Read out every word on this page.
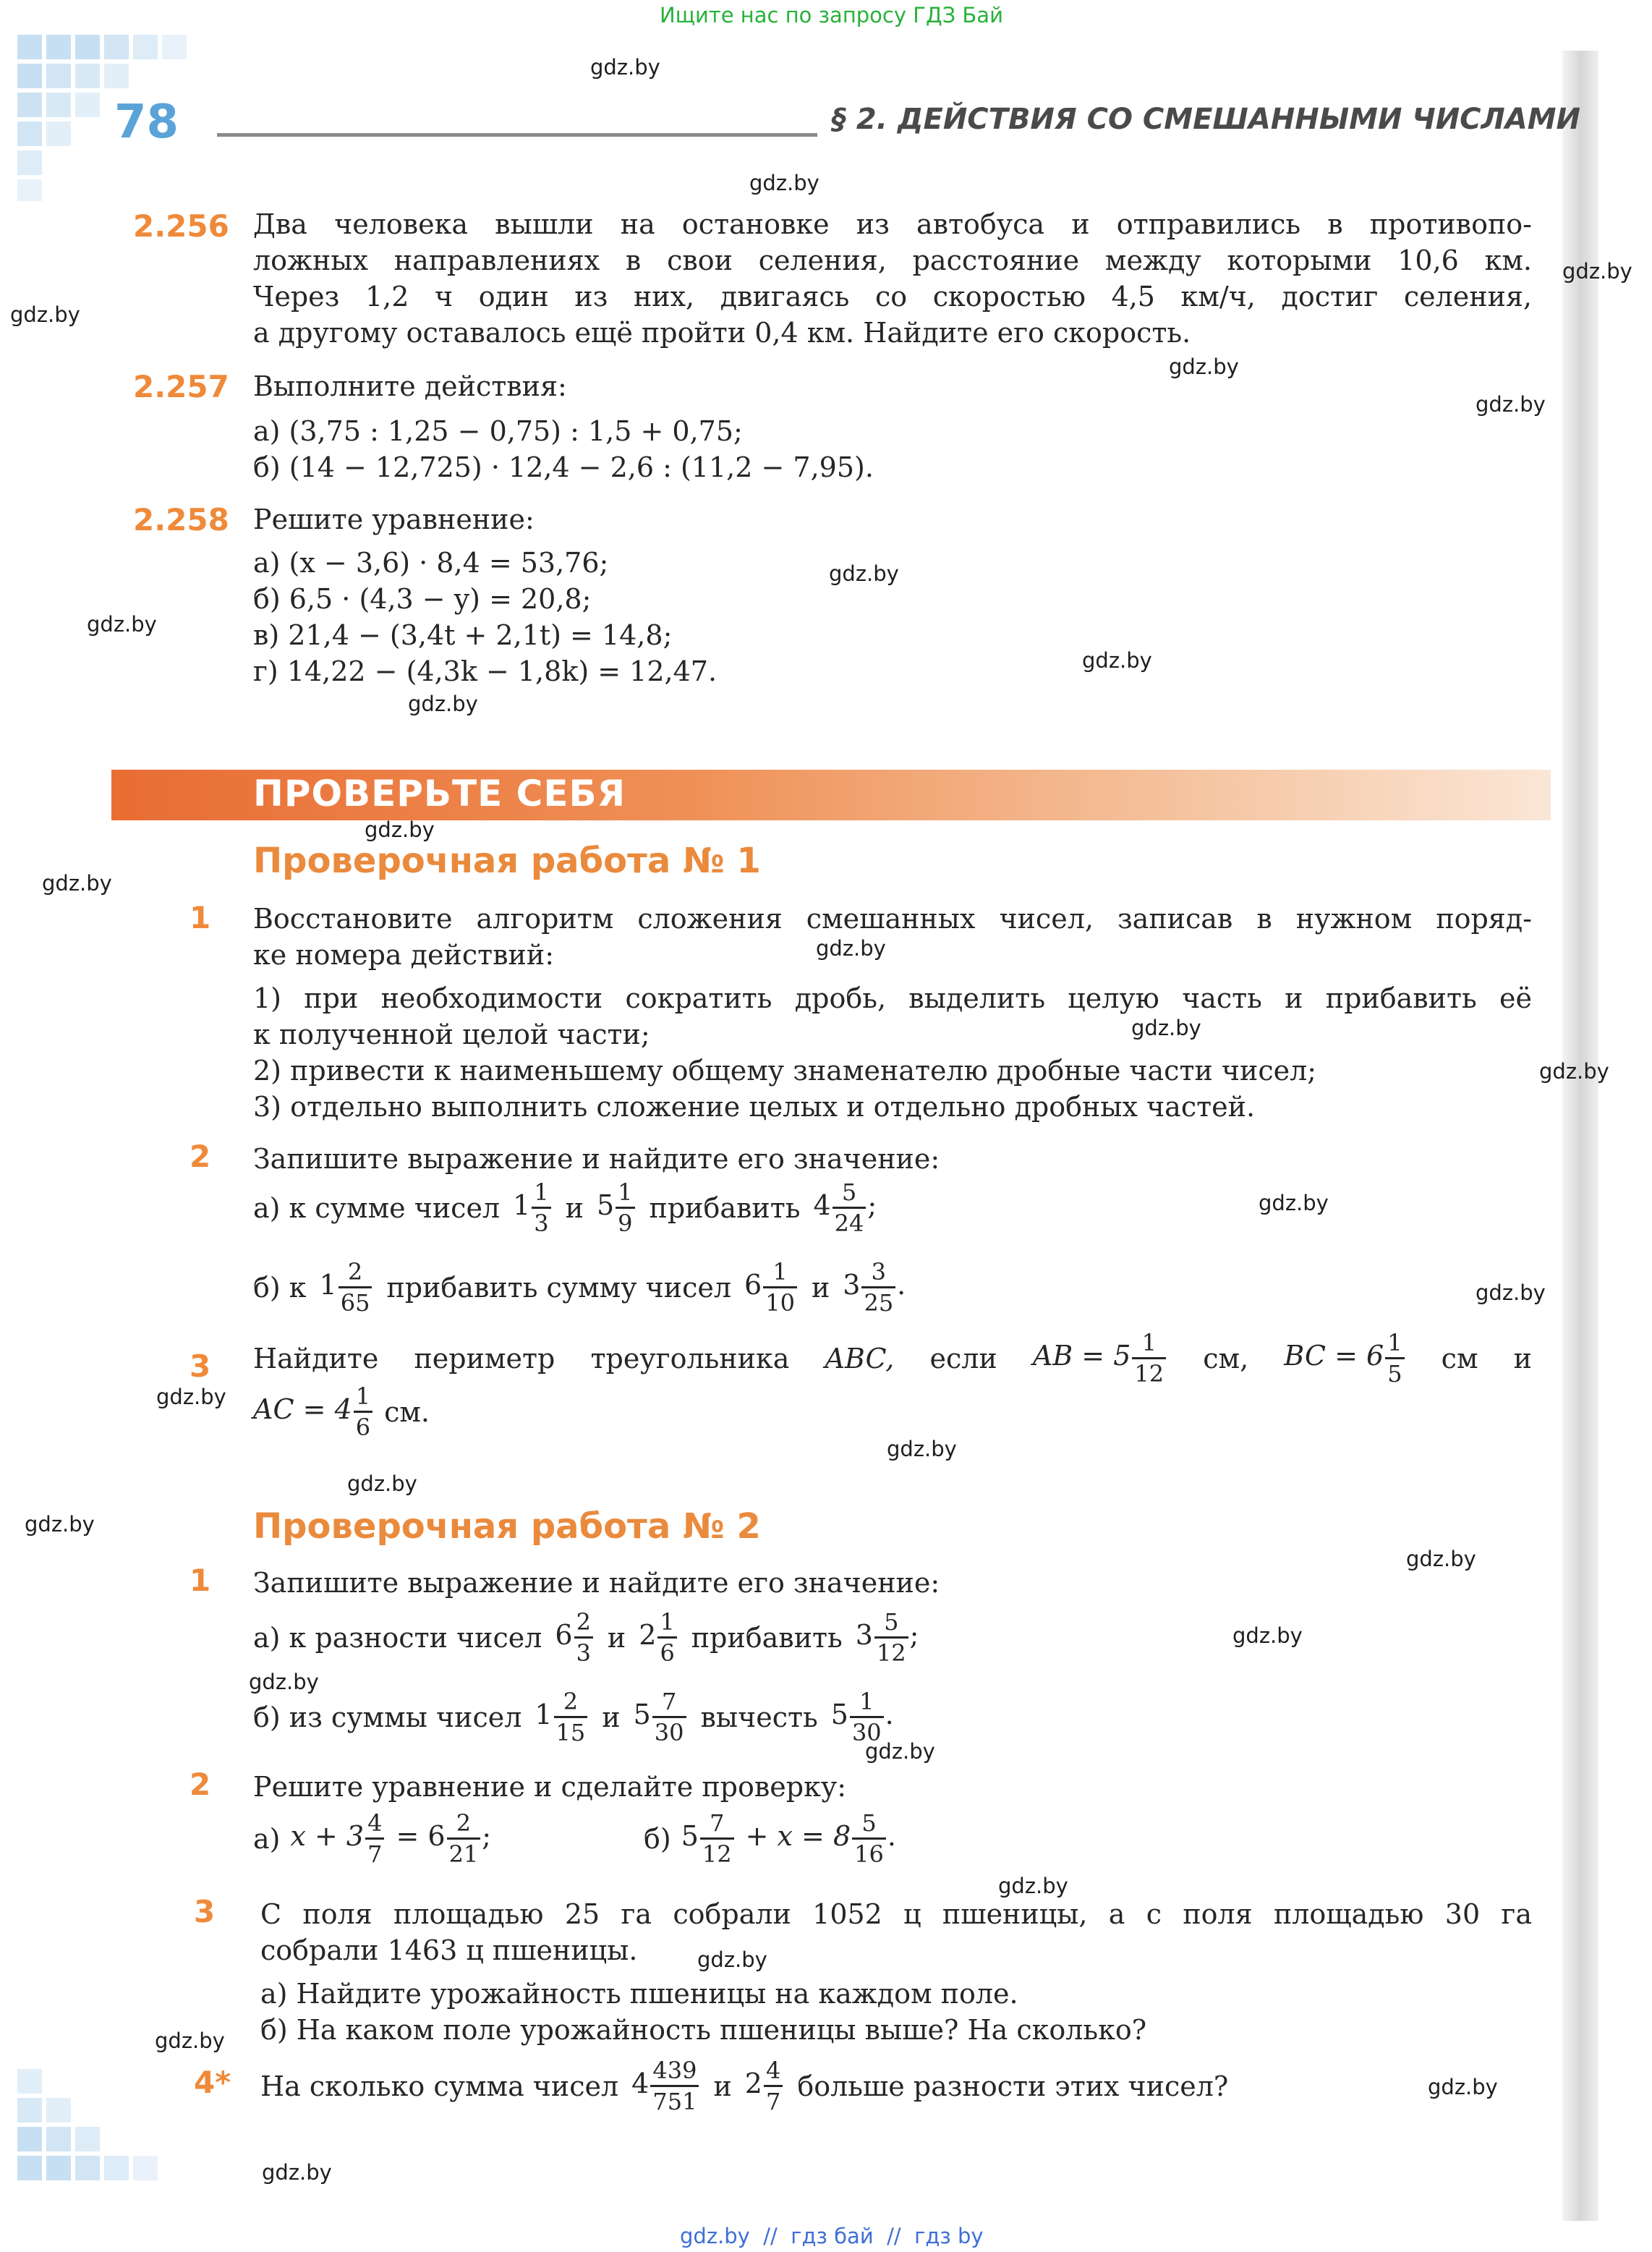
Ищите нас по запросу ГДЗ Бай
78	§ 2. ДЕЙСТВИЯ СО СМЕШАННЫМИ ЧИСЛАМИ
2.256 Два человека вышли на остановке из автобуса и отправились в противопо-
ложных направлениях в свои селения, расстояние между которыми 10,6 км.
Через 1,2 ч один из них, двигаясь со скоростью 4,5 км/ч, достиг селения,
а другому оставалось ещё пройти 0,4 км. Найдите его скорость.
2.257 Выполните действия:
а) (3,75 : 1,25 − 0,75) : 1,5 + 0,75;
б) (14 − 12,725) · 12,4 − 2,6 : (11,2 − 7,95).
2.258 Решите уравнение:
а) (x − 3,6) · 8,4 = 53,76;
б) 6,5 · (4,3 − y) = 20,8;
в) 21,4 − (3,4t + 2,1t) = 14,8;
г) 14,22 − (4,3k − 1,8k) = 12,47.
ПРОВЕРЬТЕ СЕБЯ
Проверочная работа № 1
1 Восстановите алгоритм сложения смешанных чисел, записав в нужном поряд-
ке номера действий:
1) при необходимости сократить дробь, выделить целую часть и прибавить её
к полученной целой части;
2) привести к наименьшему общему знаменателю дробные части чисел;
3) отдельно выполнить сложение целых и отдельно дробных частей.
2 Запишите выражение и найдите его значение:
а) к сумме чисел $1 \frac{1}{3}$ и $5 \frac{1}{9}$ прибавить $4 \frac{5}{24}$ ;
б) к $1 \frac{2}{65}$ прибавить сумму чисел $6 \frac{1}{10}$ и $3 \frac{3}{25}$ .
3 Найдите периметр треугольника ABC, если AB = $5 \frac{1}{12}$ см, BC = $6 \frac{1}{5}$ см и
AC = $4 \frac{1}{6}$ см.
Проверочная работа № 2
1 Запишите выражение и найдите его значение:
а) к разности чисел $6 \frac{2}{3}$ и $2 \frac{1}{6}$ прибавить $3 \frac{5}{12}$ ;
б) из суммы чисел $1 \frac{2}{15}$ и $5 \frac{7}{30}$ вычесть $5 \frac{1}{30}$ .
2 Решите уравнение и сделайте проверку:
а) $x + 3 \frac{4}{7} = 6 \frac{2}{21}$ ;	б) $5 \frac{7}{12} + x = 8 \frac{5}{16}$ .
3 С поля площадью 25 га собрали 1052 ц пшеницы, а с поля площадью 30 га
собрали 1463 ц пшеницы.
а) Найдите урожайность пшеницы на каждом поле.
б) На каком поле урожайность пшеницы выше? На сколько?
4* На сколько сумма чисел $4 \frac{439}{751}$ и $2 \frac{4}{7}$ больше разности этих чисел?
gdz.by
gdz.by
gdz.by
gdz.by
gdz.by
gdz.by
gdz.by
gdz.by
gdz.by
gdz.by
gdz.by
gdz.by
gdz.by
gdz.by
gdz.by
gdz.by
gdz.by
gdz.by
gdz.by
gdz.by
gdz.by
gdz.by
gdz.by
gdz.by
gdz.by
gdz.by
gdz.by
gdz.by
gdz.by
gdz.by
gdz.by  //  гдз бай  //  гдз by
